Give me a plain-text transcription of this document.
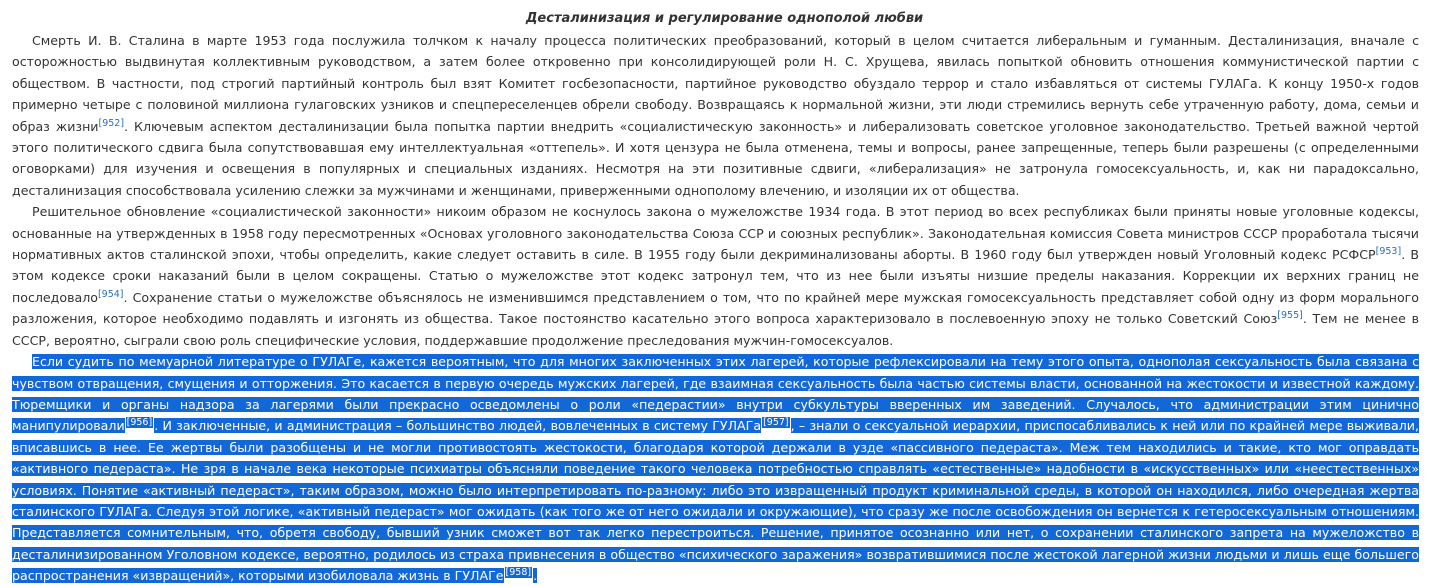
Десталинизация и регулирование однополой любви

Смерть И. В. Сталина в марте 1953 года послужила толчком к началу процесса политических преобразований, который в целом считается либеральным и гуманным. Десталинизация, вначале с осторожностью выдвинутая коллективным руководством, а затем более откровенно при консолидирующей роли Н. С. Хрущева, явилась попыткой обновить отношения коммунистической партии с обществом. В частности, под строгий партийный контроль был взят Комитет госбезопасности, партийное руководство обуздало террор и стало избавляться от системы ГУЛАГа. К концу 1950-х годов примерно четыре с половиной миллиона гулаговских узников и спецпереселенцев обрели свободу. Возвращаясь к нормальной жизни, эти люди стремились вернуть себе утраченную работу, дома, семьи и образ жизни[952]. Ключевым аспектом десталинизации была попытка партии внедрить «социалистическую законность» и либерализовать советское уголовное законодательство. Третьей важной чертой этого политического сдвига была сопутствовавшая ему интеллектуальная «оттепель». И хотя цензура не была отменена, темы и вопросы, ранее запрещенные, теперь были разрешены (с определенными оговорками) для изучения и освещения в популярных и специальных изданиях. Несмотря на эти позитивные сдвиги, «либерализация» не затронула гомосексуальность, и, как ни парадоксально, десталинизация способствовала усилению слежки за мужчинами и женщинами, приверженными однополому влечению, и изоляции их от общества.

Решительное обновление «социалистической законности» никоим образом не коснулось закона о мужеложстве 1934 года. В этот период во всех республиках были приняты новые уголовные кодексы, основанные на утвержденных в 1958 году пересмотренных «Основах уголовного законодательства Союза ССР и союзных республик». Законодательная комиссия Совета министров СССР проработала тысячи нормативных актов сталинской эпохи, чтобы определить, какие следует оставить в силе. В 1955 году были декриминализованы аборты. В 1960 году был утвержден новый Уголовный кодекс РСФСР[953]. В этом кодексе сроки наказаний были в целом сокращены. Статью о мужеложстве этот кодекс затронул тем, что из нее были изъяты низшие пределы наказания. Коррекции их верхних границ не последовало[954]. Сохранение статьи о мужеложстве объяснялось не изменившимся представлением о том, что по крайней мере мужская гомосексуальность представляет собой одну из форм морального разложения, которое необходимо подавлять и изгонять из общества. Такое постоянство касательно этого вопроса характеризовало в послевоенную эпоху не только Советский Союз[955]. Тем не менее в СССР, вероятно, сыграли свою роль специфические условия, поддержавшие продолжение преследования мужчин-гомосексуалов.

Если судить по мемуарной литературе о ГУЛАГе, кажется вероятным, что для многих заключенных этих лагерей, которые рефлексировали на тему этого опыта, однополая сексуальность была связана с чувством отвращения, смущения и отторжения. Это касается в первую очередь мужских лагерей, где взаимная сексуальность была частью системы власти, основанной на жестокости и известной каждому. Тюремщики и органы надзора за лагерями были прекрасно осведомлены о роли «педерастии» внутри субкультуры вверенных им заведений. Случалось, что администрации этим цинично манипулировали [956] . И заключенные, и администрация – большинство людей, вовлеченных в систему ГУЛАГа [957] , – знали о сексуальной иерархии, приспосабливались к ней или по крайней мере выживали, вписавшись в нее. Ее жертвы были разобщены и не могли противостоять жестокости, благодаря которой держали в узде «пассивного педераста». Меж тем находились и такие, кто мог оправдать «активного педераста». Не зря в начале века некоторые психиатры объясняли поведение такого человека потребностью справлять «естественные» надобности в «искусственных» или «неестественных» условиях. Понятие «активный педераст», таким образом, можно было интерпретировать по-разному: либо это извращенный продукт криминальной среды, в которой он находился, либо очередная жертва сталинского ГУЛАГа. Следуя этой логике, «активный педераст» мог ожидать (как того же от него ожидали и окружающие), что сразу же после освобождения он вернется к гетеросексуальным отношениям. Представляется сомнительным, что, обретя свободу, бывший узник сможет вот так легко перестроиться. Решение, принятое осознанно или нет, о сохранении сталинского запрета на мужеложство в десталинизированном Уголовном кодексе, вероятно, родилось из страха привнесения в общество «психического заражения» возвратившимися после жестокой лагерной жизни людьми и лишь еще большего распространения «извращений», которыми изобиловала жизнь в ГУЛАГе [958] .
